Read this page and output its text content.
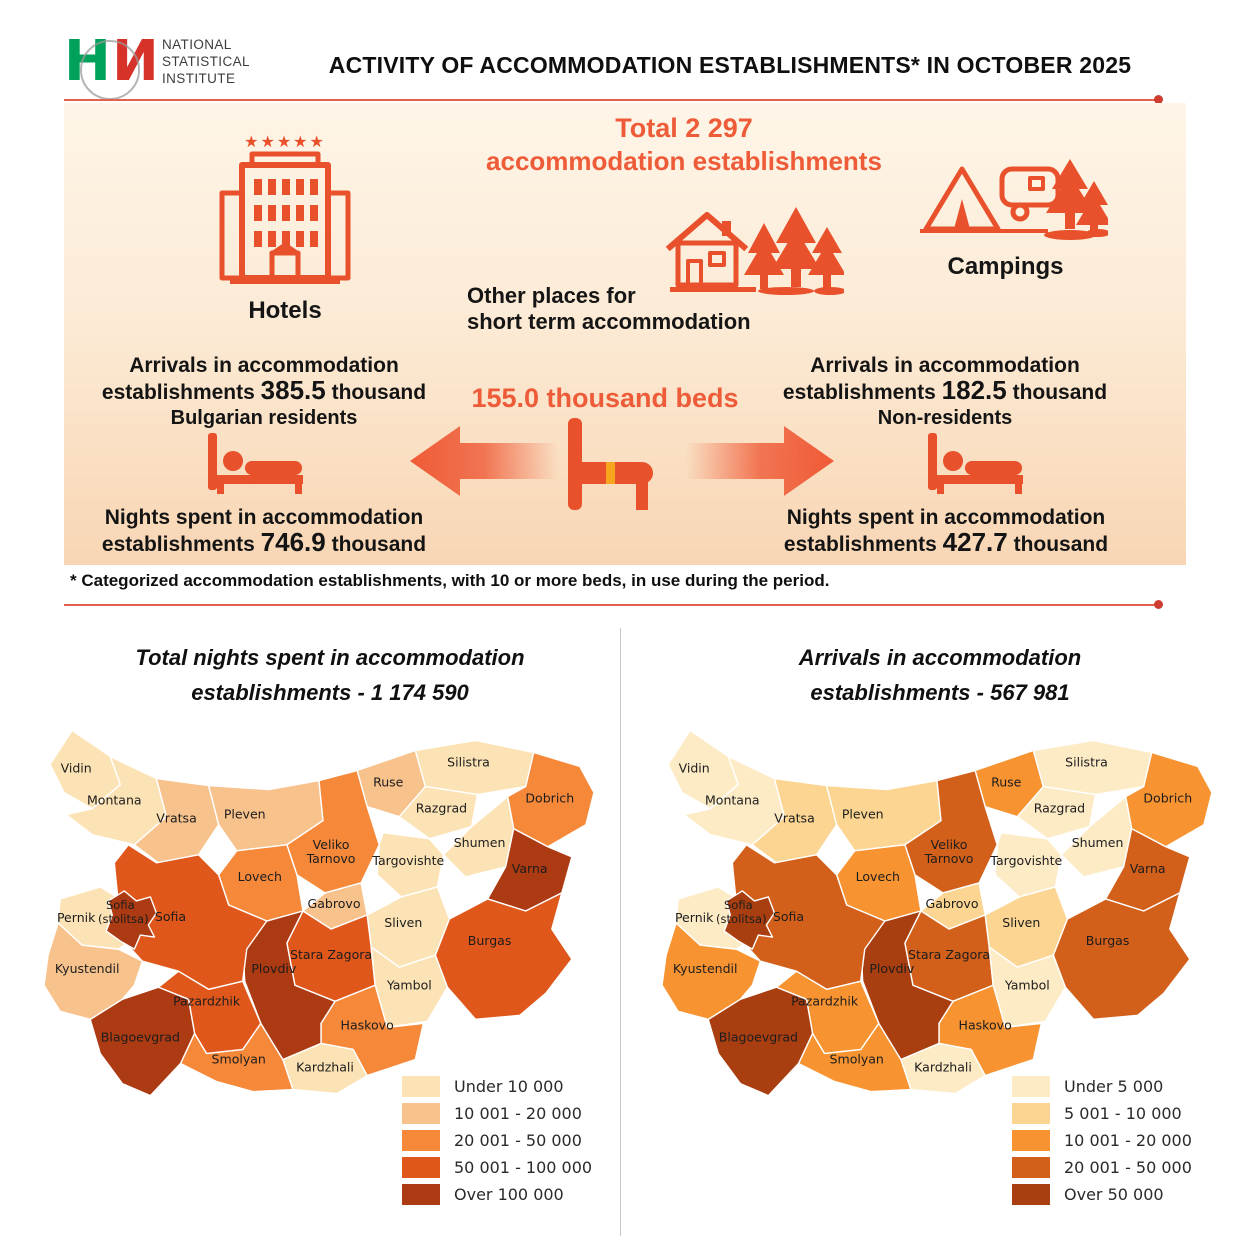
Н И NATIONAL
STATISTICAL
INSTITUTE
ACTIVITY OF ACCOMMODATION ESTABLISHMENTS* IN OCTOBER 2025
Total 2 297
accommodation establishments
★★★★★
Hotels
Other places for
short term accommodation
Campings
Arrivals in accommodation
establishments 385.5 thousand
Bulgarian residents
Arrivals in accommodation
establishments 182.5 thousand
Non-residents
155.0 thousand beds
Nights spent in accommodation
establishments 746.9 thousand
Nights spent in accommodation
establishments 427.7 thousand
* Categorized accommodation establishments, with 10 or more beds, in use during the period.
Total nights spent in accommodation
establishments - 1 174 590
Arrivals in accommodation
establishments - 567 981
Vidin
Montana
Vratsa Pleven
Ruse
Veliko
Tarnovo
Silistra
Razgrad
Dobrich
Shumen
Targovishte
Varna
Lovech
Gabrovo
Sliven
Stara Zagora
Yambol
Burgas
Haskovo
Kardzhali
Smolyan
Plovdiv
Pazardzhik
Blagoevgrad
Kyustendil
Sofia
Pernik
Sofia
(stolitsa)
Vidin
Montana
Vratsa Pleven
Ruse
Veliko
Tarnovo
Silistra
Razgrad
Dobrich
Shumen
Targovishte
Varna
Lovech
Gabrovo
Sliven
Stara Zagora
Yambol
Burgas
Haskovo
Kardzhali
Smolyan
Plovdiv
Pazardzhik
Blagoevgrad
Kyustendil
Sofia
Pernik
Sofia
(stolitsa)
Under 10 000
10 001 - 20 000
20 001 - 50 000
50 001 - 100 000
Over 100 000
Under 5 000
5 001 - 10 000
10 001 - 20 000
20 001 - 50 000
Over 50 000
